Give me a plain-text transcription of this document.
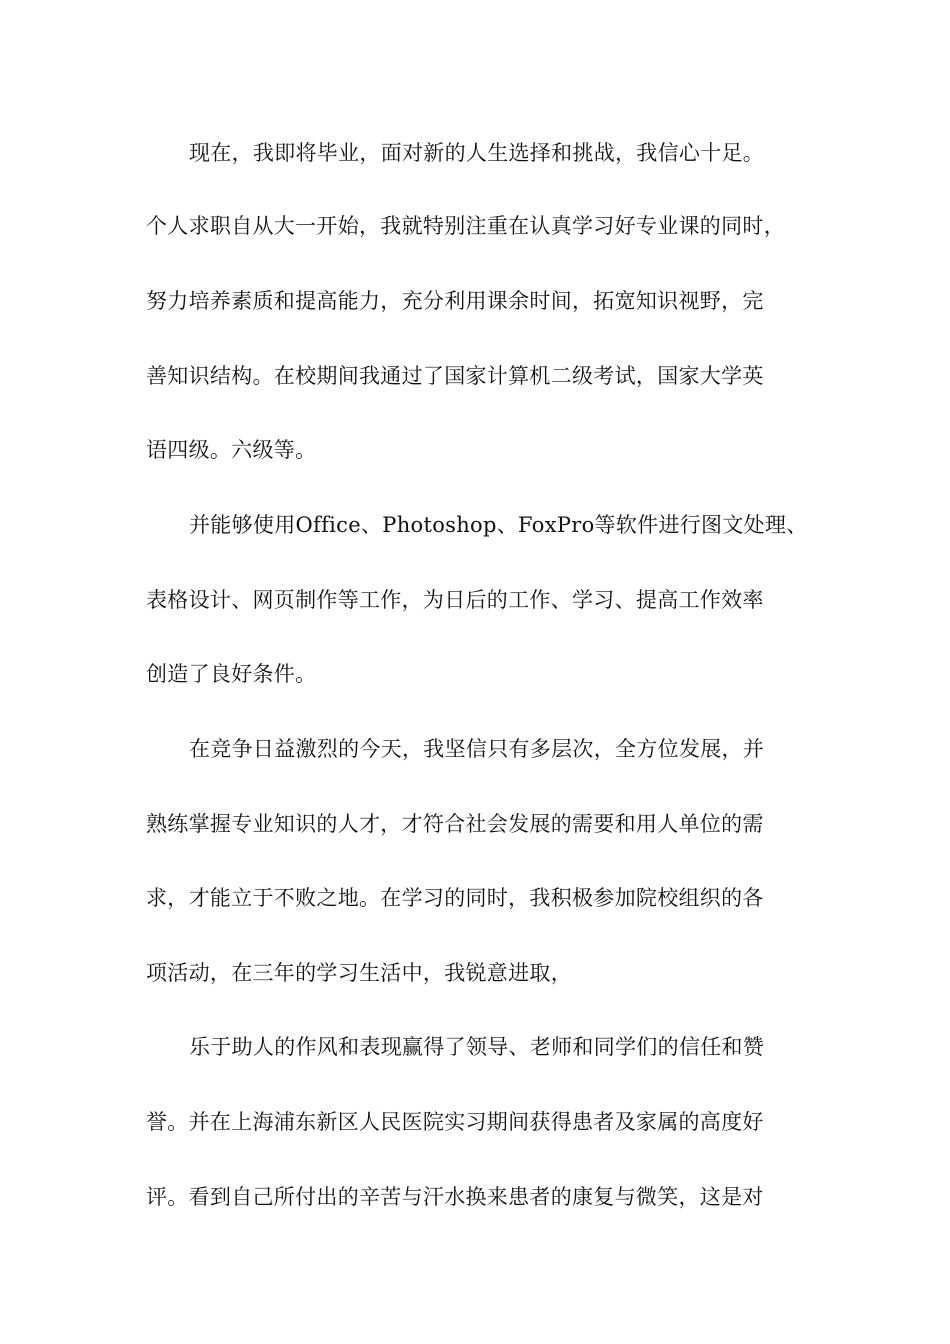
现在，我即将毕业，面对新的人生选择和挑战，我信心十足。
个人求职自从大一开始，我就特别注重在认真学习好专业课的同时，
努力培养素质和提高能力，充分利用课余时间，拓宽知识视野，完
善知识结构。在校期间我通过了国家计算机二级考试，国家大学英
语四级。六级等。
并能够使用Office、Photoshop、FoxPro等软件进行图文处理、
表格设计、网页制作等工作，为日后的工作、学习、提高工作效率
创造了良好条件。
在竞争日益激烈的今天，我坚信只有多层次，全方位发展，并
熟练掌握专业知识的人才，才符合社会发展的需要和用人单位的需
求，才能立于不败之地。在学习的同时，我积极参加院校组织的各
项活动，在三年的学习生活中，我锐意进取，
乐于助人的作风和表现赢得了领导、老师和同学们的信任和赞
誉。并在上海浦东新区人民医院实习期间获得患者及家属的高度好
评。看到自己所付出的辛苦与汗水换来患者的康复与微笑，这是对
